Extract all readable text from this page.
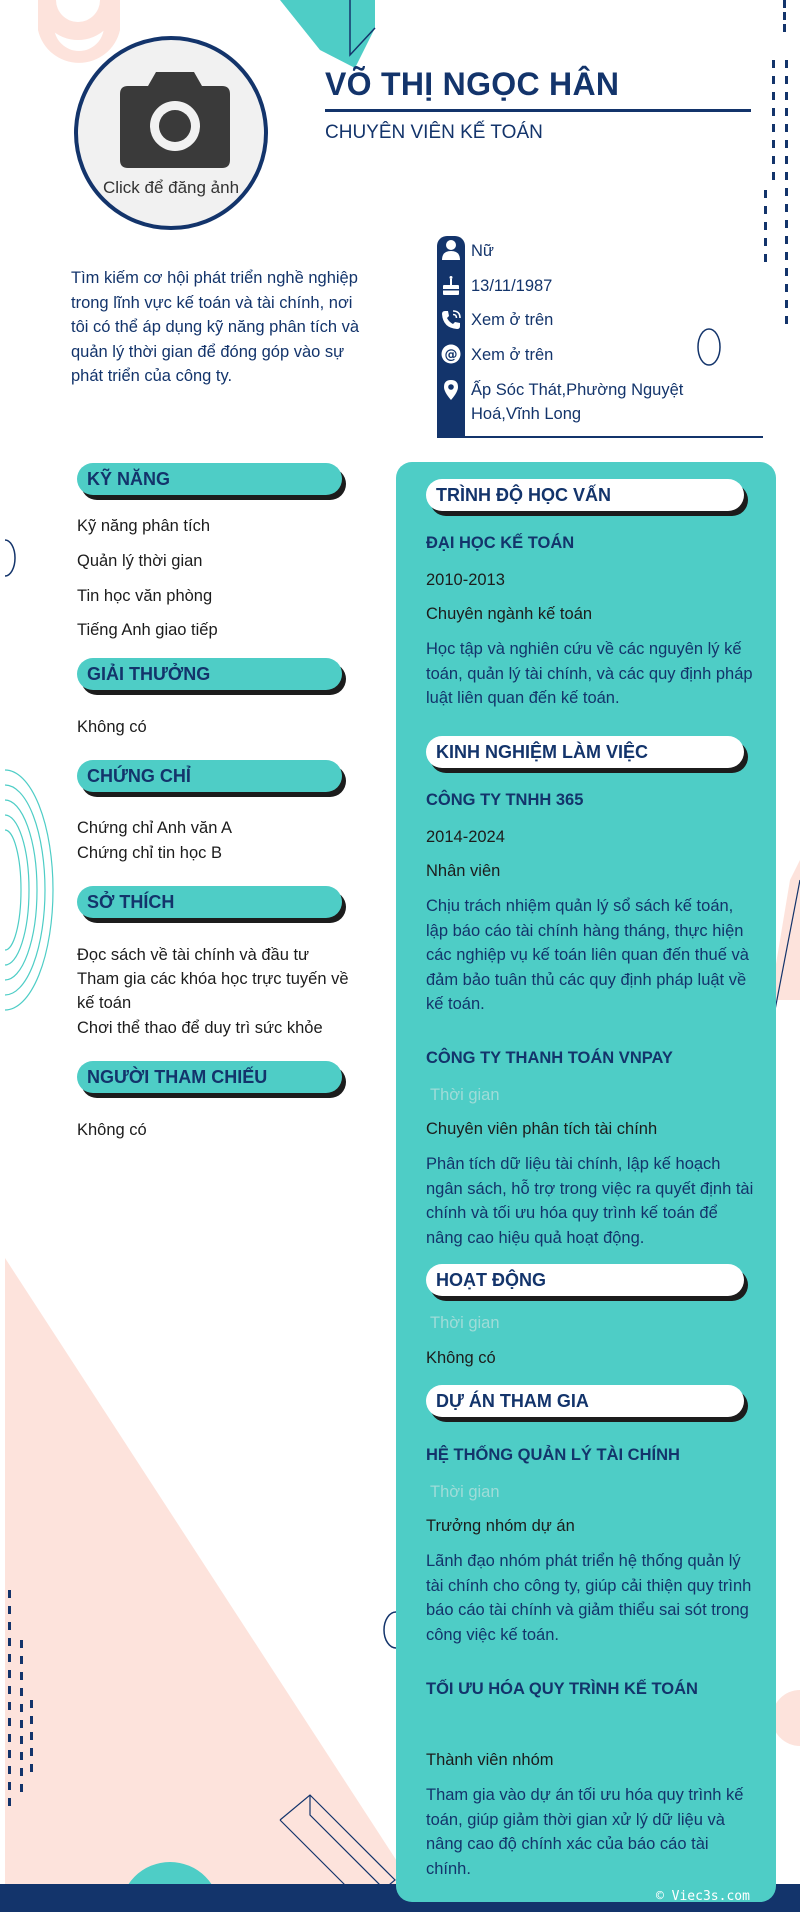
Click để đăng ảnh
VÕ THỊ NGỌC HÂN
CHUYÊN VIÊN KẾ TOÁN
Tìm kiếm cơ hội phát triển nghề nghiệp trong lĩnh vực kế toán và tài chính, nơi tôi có thể áp dụng kỹ năng phân tích và quản lý thời gian để đóng góp vào sự phát triển của công ty.
Nữ
13/11/1987
Xem ở trên
@ Xem ở trên
Ấp Sóc Thát,Phường Nguyệt Hoá,Vĩnh Long
KỸ NĂNG
Kỹ năng phân tích
Quản lý thời gian
Tin học văn phòng
Tiếng Anh giao tiếp
GIẢI THƯỞNG
Không có
CHỨNG CHỈ
Chứng chỉ Anh văn A
Chứng chỉ tin học B
SỞ THÍCH
Đọc sách về tài chính và đầu tư
Tham gia các khóa học trực tuyến về kế toán
Chơi thể thao để duy trì sức khỏe
NGƯỜI THAM CHIẾU
Không có
TRÌNH ĐỘ HỌC VẤN
ĐẠI HỌC KẾ TOÁN
2010-2013
Chuyên ngành kế toán
Học tập và nghiên cứu về các nguyên lý kế toán, quản lý tài chính, và các quy định pháp luật liên quan đến kế toán.
KINH NGHIỆM LÀM VIỆC
CÔNG TY TNHH 365
2014-2024
Nhân viên
Chịu trách nhiệm quản lý sổ sách kế toán, lập báo cáo tài chính hàng tháng, thực hiện các nghiệp vụ kế toán liên quan đến thuế và đảm bảo tuân thủ các quy định pháp luật về kế toán.
CÔNG TY THANH TOÁN VNPAY
Thời gian
Chuyên viên phân tích tài chính
Phân tích dữ liệu tài chính, lập kế hoạch ngân sách, hỗ trợ trong việc ra quyết định tài chính và tối ưu hóa quy trình kế toán để nâng cao hiệu quả hoạt động.
HOẠT ĐỘNG
Thời gian
Không có
DỰ ÁN THAM GIA
HỆ THỐNG QUẢN LÝ TÀI CHÍNH
Thời gian
Trưởng nhóm dự án
Lãnh đạo nhóm phát triển hệ thống quản lý tài chính cho công ty, giúp cải thiện quy trình báo cáo tài chính và giảm thiểu sai sót trong công việc kế toán.
TỐI ƯU HÓA QUY TRÌNH KẾ TOÁN
Thành viên nhóm
Tham gia vào dự án tối ưu hóa quy trình kế toán, giúp giảm thời gian xử lý dữ liệu và nâng cao độ chính xác của báo cáo tài chính.
© Viec3s.com
